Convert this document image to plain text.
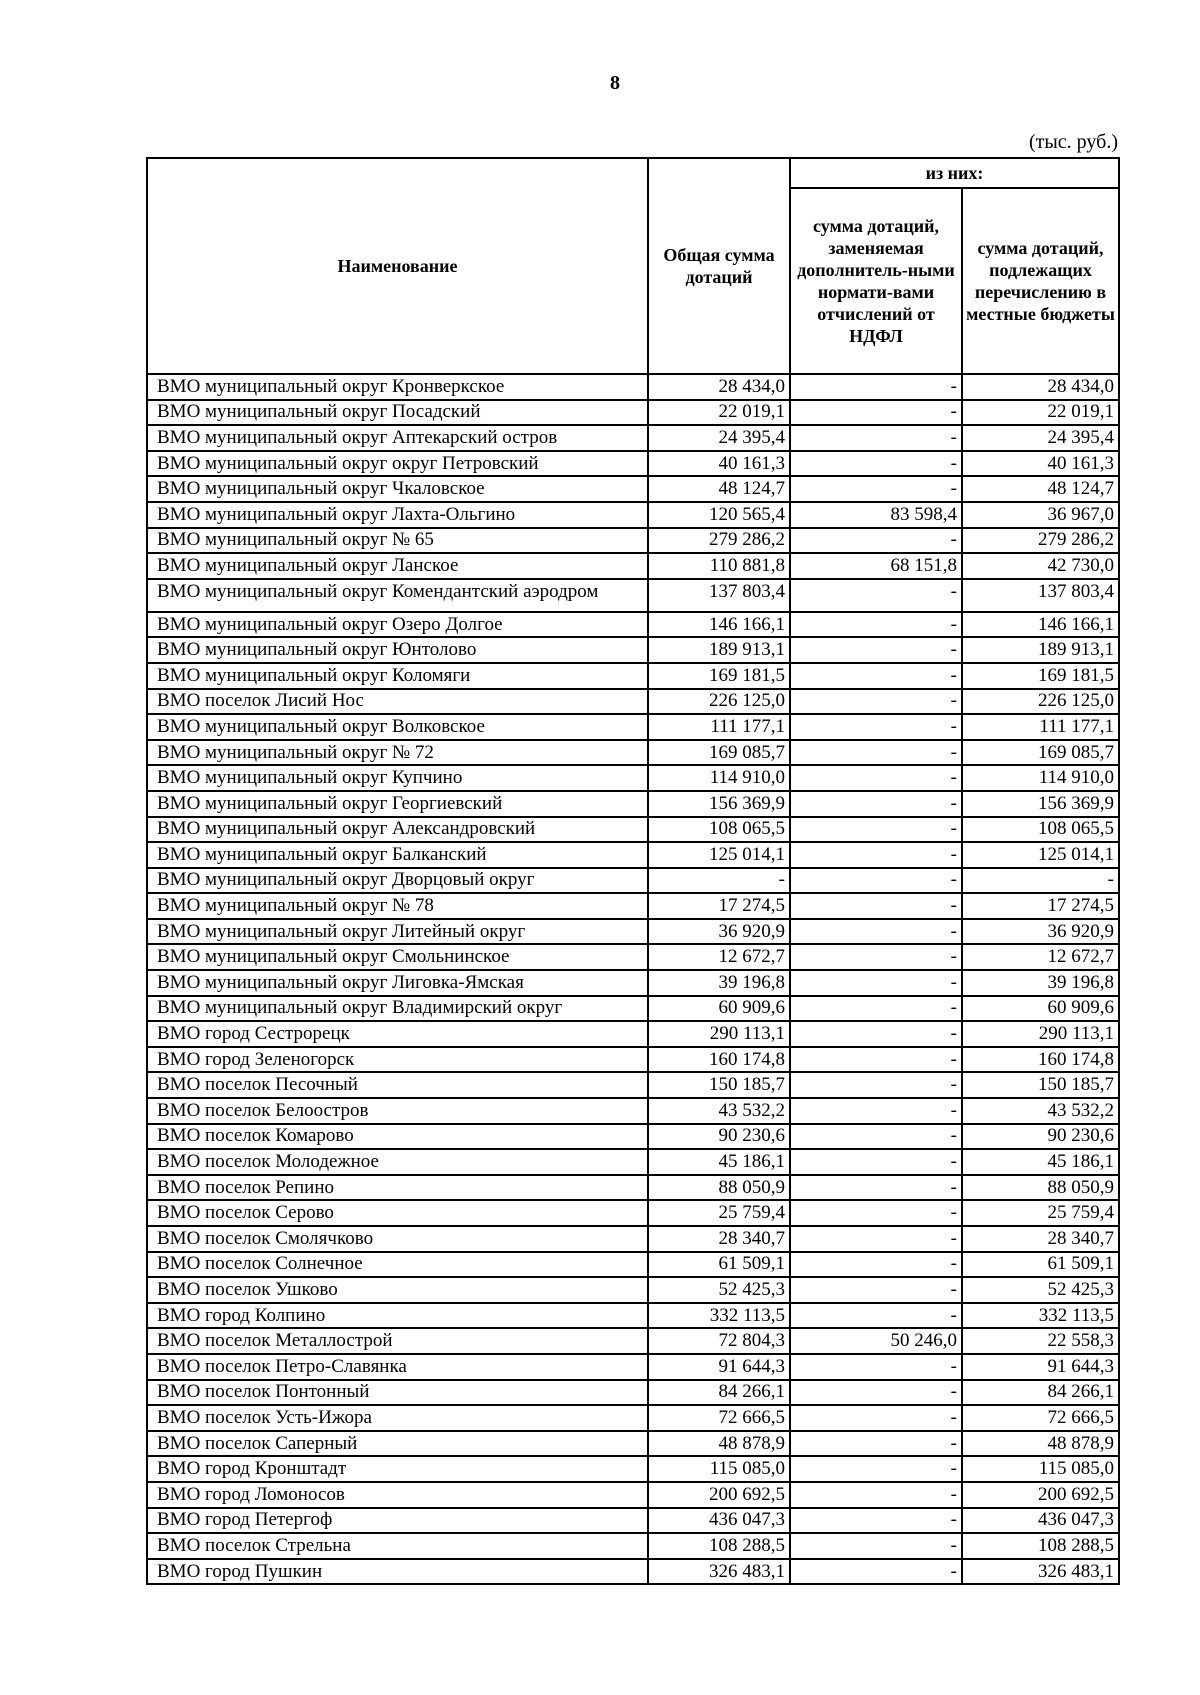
8
(тыс. руб.)
Наименование	Общая сумма дотаций	из них:	
		сумма дотаций, заменяемая дополнитель-ными нормати-вами отчислений от НДФЛ	сумма дотаций, подлежащих перечислению в местные бюджеты
ВМО муниципальный округ Кронверкское	28 434,0	-	28 434,0
ВМО муниципальный округ Посадский	22 019,1	-	22 019,1
ВМО муниципальный округ Аптекарский остров	24 395,4	-	24 395,4
ВМО муниципальный округ округ Петровский	40 161,3	-	40 161,3
ВМО муниципальный округ Чкаловское	48 124,7	-	48 124,7
ВМО муниципальный округ Лахта-Ольгино	120 565,4	83 598,4	36 967,0
ВМО муниципальный округ № 65	279 286,2	-	279 286,2
ВМО муниципальный округ Ланское	110 881,8	68 151,8	42 730,0
ВМО муниципальный округ Комендантский аэродром	137 803,4	-	137 803,4
ВМО муниципальный округ Озеро Долгое	146 166,1	-	146 166,1
ВМО муниципальный округ Юнтолово	189 913,1	-	189 913,1
ВМО муниципальный округ Коломяги	169 181,5	-	169 181,5
ВМО поселок Лисий Нос	226 125,0	-	226 125,0
ВМО муниципальный округ Волковское	111 177,1	-	111 177,1
ВМО муниципальный округ № 72	169 085,7	-	169 085,7
ВМО муниципальный округ Купчино	114 910,0	-	114 910,0
ВМО муниципальный округ Георгиевский	156 369,9	-	156 369,9
ВМО муниципальный округ Александровский	108 065,5	-	108 065,5
ВМО муниципальный округ Балканский	125 014,1	-	125 014,1
ВМО муниципальный округ Дворцовый округ	-	-	-
ВМО муниципальный округ № 78	17 274,5	-	17 274,5
ВМО муниципальный округ Литейный округ	36 920,9	-	36 920,9
ВМО муниципальный округ Смольнинское	12 672,7	-	12 672,7
ВМО муниципальный округ Лиговка-Ямская	39 196,8	-	39 196,8
ВМО муниципальный округ Владимирский округ	60 909,6	-	60 909,6
ВМО город Сестрорецк	290 113,1	-	290 113,1
ВМО город Зеленогорск	160 174,8	-	160 174,8
ВМО поселок Песочный	150 185,7	-	150 185,7
ВМО поселок Белоостров	43 532,2	-	43 532,2
ВМО поселок Комарово	90 230,6	-	90 230,6
ВМО поселок Молодежное	45 186,1	-	45 186,1
ВМО поселок Репино	88 050,9	-	88 050,9
ВМО поселок Серово	25 759,4	-	25 759,4
ВМО поселок Смолячково	28 340,7	-	28 340,7
ВМО поселок Солнечное	61 509,1	-	61 509,1
ВМО поселок Ушково	52 425,3	-	52 425,3
ВМО город Колпино	332 113,5	-	332 113,5
ВМО поселок Металлострой	72 804,3	50 246,0	22 558,3
ВМО поселок Петро-Славянка	91 644,3	-	91 644,3
ВМО поселок Понтонный	84 266,1	-	84 266,1
ВМО поселок Усть-Ижора	72 666,5	-	72 666,5
ВМО поселок Саперный	48 878,9	-	48 878,9
ВМО город Кронштадт	115 085,0	-	115 085,0
ВМО город Ломоносов	200 692,5	-	200 692,5
ВМО город Петергоф	436 047,3	-	436 047,3
ВМО поселок Стрельна	108 288,5	-	108 288,5
ВМО город Пушкин	326 483,1	-	326 483,1
